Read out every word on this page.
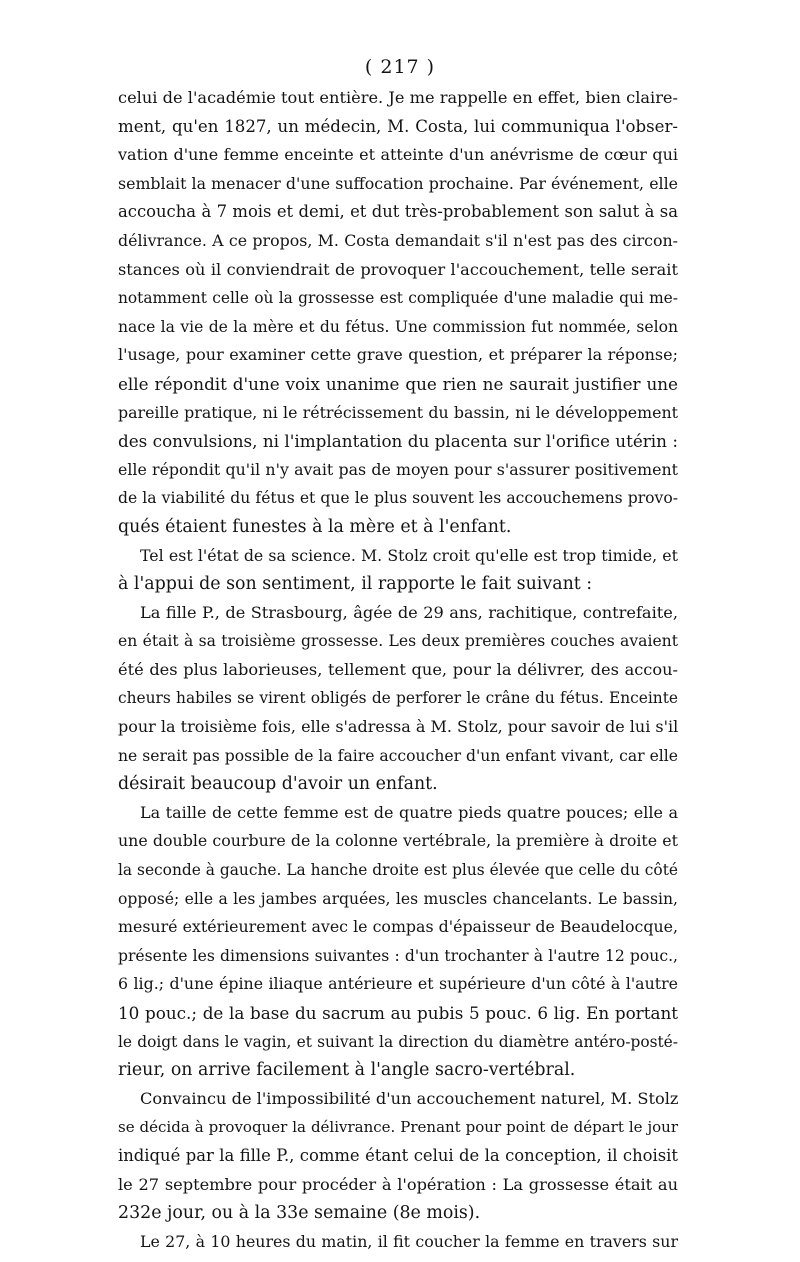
( 217 )

celui de l'académie tout entière. Je me rappelle en effet, bien claire-
ment, qu'en 1827, un médecin, M. Costa, lui communiqua l'obser-
vation d'une femme enceinte et atteinte d'un anévrisme de cœur qui
semblait la menacer d'une suffocation prochaine. Par événement, elle
accoucha à 7 mois et demi, et dut très-probablement son salut à sa
délivrance. A ce propos, M. Costa demandait s'il n'est pas des circon-
stances où il conviendrait de provoquer l'accouchement, telle serait
notamment celle où la grossesse est compliquée d'une maladie qui me-
nace la vie de la mère et du fétus. Une commission fut nommée, selon
l'usage, pour examiner cette grave question, et préparer la réponse;
elle répondit d'une voix unanime que rien ne saurait justifier une
pareille pratique, ni le rétrécissement du bassin, ni le développement
des convulsions, ni l'implantation du placenta sur l'orifice utérin :
elle répondit qu'il n'y avait pas de moyen pour s'assurer positivement
de la viabilité du fétus et que le plus souvent les accouchemens provo-
qués étaient funestes à la mère et à l'enfant.

Tel est l'état de sa science. M. Stolz croit qu'elle est trop timide, et
à l'appui de son sentiment, il rapporte le fait suivant :

La fille P., de Strasbourg, âgée de 29 ans, rachitique, contrefaite,
en était à sa troisième grossesse. Les deux premières couches avaient
été des plus laborieuses, tellement que, pour la délivrer, des accou-
cheurs habiles se virent obligés de perforer le crâne du fétus. Enceinte
pour la troisième fois, elle s'adressa à M. Stolz, pour savoir de lui s'il
ne serait pas possible de la faire accoucher d'un enfant vivant, car elle
désirait beaucoup d'avoir un enfant.

La taille de cette femme est de quatre pieds quatre pouces; elle a
une double courbure de la colonne vertébrale, la première à droite et
la seconde à gauche. La hanche droite est plus élevée que celle du côté
opposé; elle a les jambes arquées, les muscles chancelants. Le bassin,
mesuré extérieurement avec le compas d'épaisseur de Beaudelocque,
présente les dimensions suivantes : d'un trochanter à l'autre 12 pouc.,
6 lig.; d'une épine iliaque antérieure et supérieure d'un côté à l'autre
10 pouc.; de la base du sacrum au pubis 5 pouc. 6 lig. En portant
le doigt dans le vagin, et suivant la direction du diamètre antéro-posté-
rieur, on arrive facilement à l'angle sacro-vertébral.

Convaincu de l'impossibilité d'un accouchement naturel, M. Stolz
se décida à provoquer la délivrance. Prenant pour point de départ le jour
indiqué par la fille P., comme étant celui de la conception, il choisit
le 27 septembre pour procéder à l'opération : La grossesse était au
232e jour, ou à la 33e semaine (8e mois).

Le 27, à 10 heures du matin, il fit coucher la femme en travers sur
